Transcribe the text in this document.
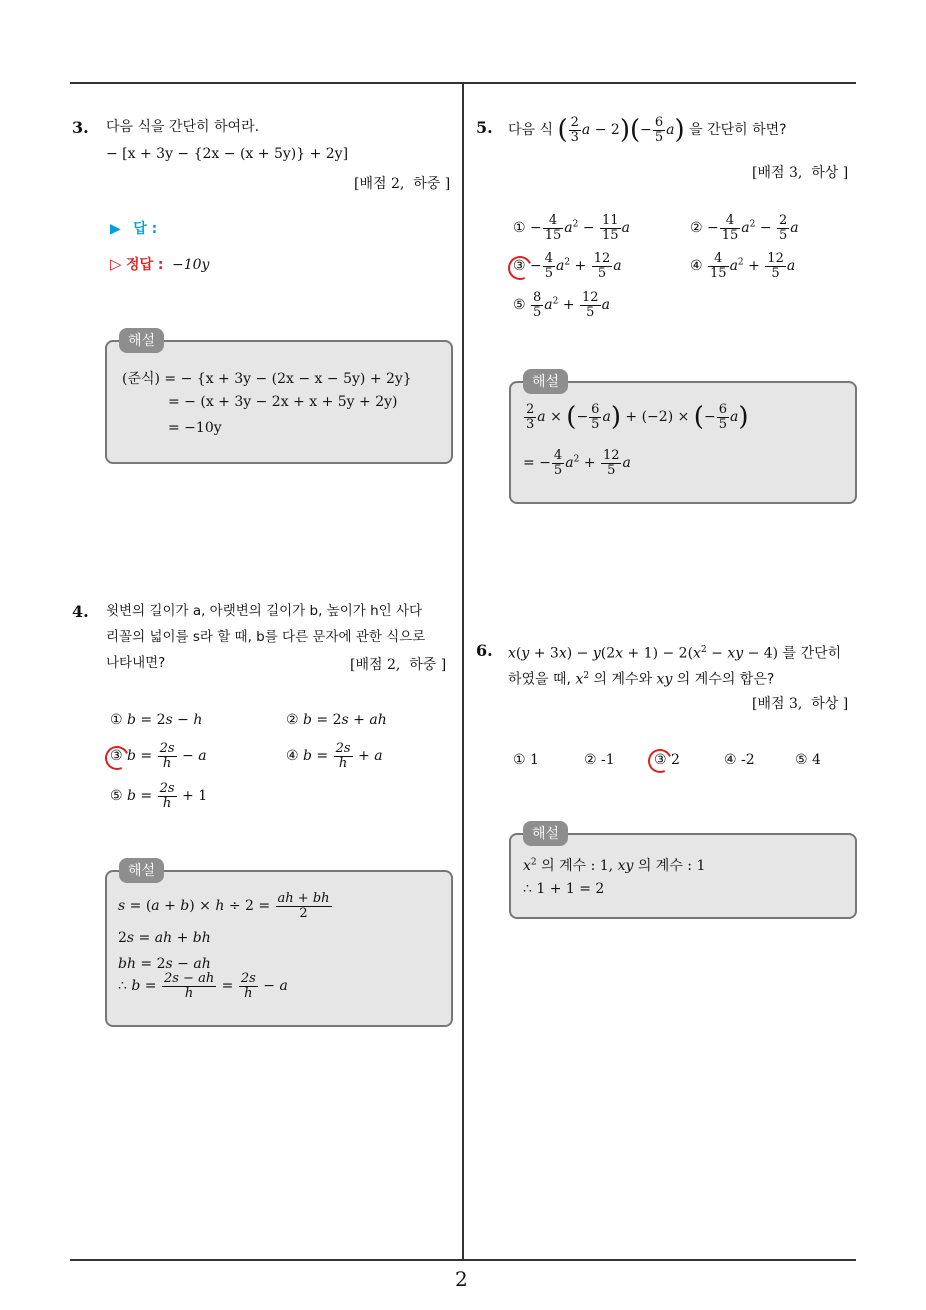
2
3. 다음 식을 간단히 하여라.
− [x + 3y − {2x − (x + 5y)} + 2y]
[배점 2,  하중 ]
▶ 답 :
▷ 정답 : −10y
(준식) = − {x + 3y − (2x − x − 5y) + 2y}
= − (x + 3y − 2x + x + 5y + 2y)
= −10y
해설
4. 윗변의 길이가 a, 아랫변의 길이가 b, 높이가 h인 사다
리꼴의 넓이를 s라 할 때, b를 다른 문자에 관한 식으로
나타내면?	[배점 2,  하중 ]
① b = 2s − h	② b = 2s + ah
③ $b = \frac{2s}{h} - a$	④ $b = \frac{2s}{h} + a$
⑤ $b = \frac{2s}{h} + 1$
$s = (a + b) \times h \div 2 = \frac{ah + bh}{2}$
2s = ah + bh
bh = 2s − ah
∴ $b = \frac{2s - ah}{h} = \frac{2s}{h} - a$
해설
5. 다음 식 ( $\frac{2}{3}$ $a - 2)(- \frac{6}{5} a)$ 을 간단히 하면?
[배점 3,  하상 ]
① − $\frac{4}{15} a^2 - \frac{11}{15}$ a	② − $\frac{4}{15} a^2 - \frac{2}{5}$ a
③ − $\frac{4}{5} a^2 + \frac{12}{5}$ a	④ $\frac{4}{15} a^2 + \frac{12}{5}$ a
⑤ $\frac{8}{5} a^2 + \frac{12}{5}$ a
$\frac{2}{3}$ a × (− $\frac{6}{5} a) + (-2)$ × (− $\frac{6}{5} a$)
= − $\frac{4}{5} a^2 + \frac{12}{5}$ a
해설
6. $x(y + 3x) - y(2x + 1) - 2(x^2$ − xy − 4) 를 간단히
하였을 때, $x^2$ 의 계수와 xy 의 계수의 합은?
[배점 3,  하상 ]
① 1	② -1	③ 2	④ -2	⑤ 4
$x^2$ 의 계수 : 1, xy 의 계수 : 1
∴ 1 + 1 = 2
해설
